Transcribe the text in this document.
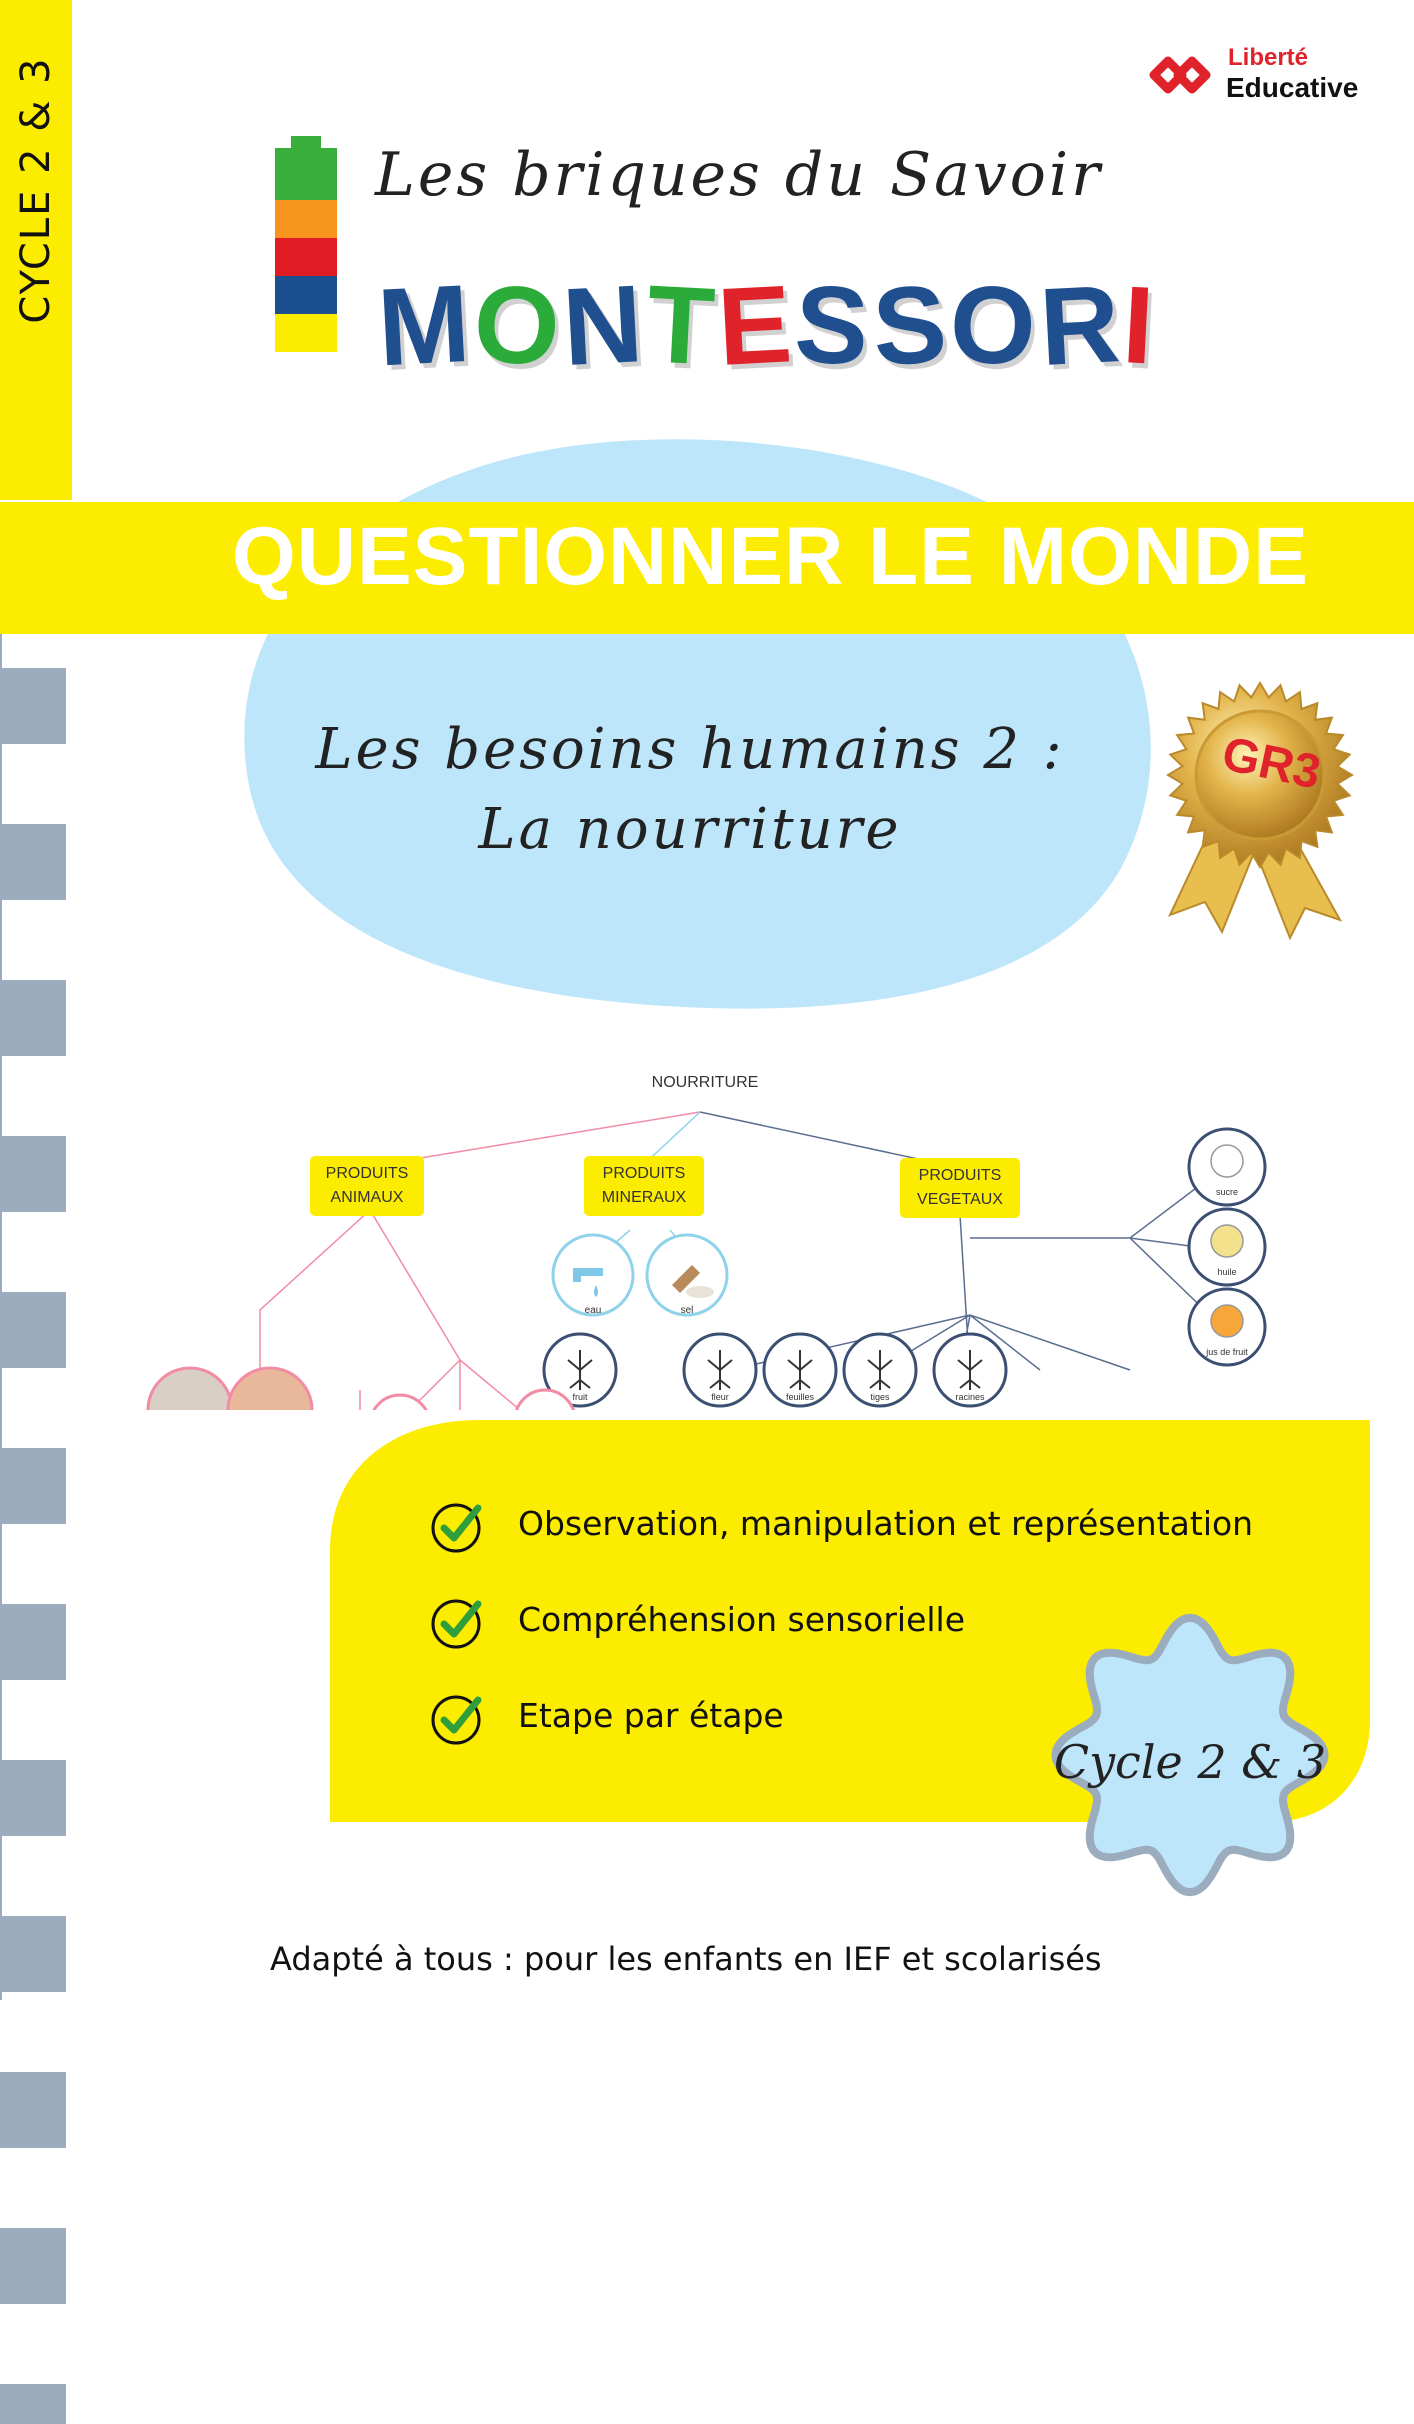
CYCLE 2 & 3	Liberté
Educative
Les briques du Savoir
MONTESSORI
QUESTIONNER LE MONDE
Les besoins humains 2 :
La nourriture
GR3
NOURRITURE
PRODUITS
ANIMAUX
PRODUITS
MINERAUX
PRODUITS
VEGETAUX
eau	sel
fruit	fleur	feuilles	tiges	racines
sucre
huile
jus de fruit
Observation, manipulation et représentation
Compréhension sensorielle
Etape par étape
Cycle 2 & 3
Adapté à tous : pour les enfants en IEF et scolarisés
